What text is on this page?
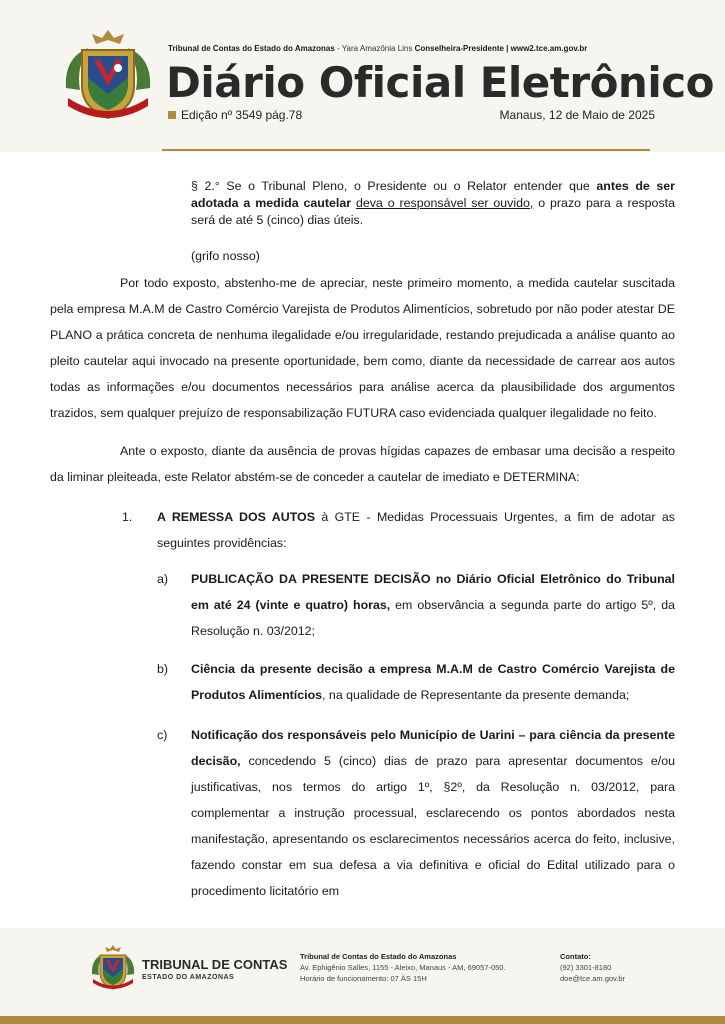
Tribunal de Contas do Estado do Amazonas - Yara Amazônia Lins Conselheira-Presidente | www2.tce.am.gov.br
Diário Oficial Eletrônico
Edição nº 3549 pág.78	Manaus, 12 de Maio de 2025
§ 2.° Se o Tribunal Pleno, o Presidente ou o Relator entender que antes de ser adotada a medida cautelar deva o responsável ser ouvido, o prazo para a resposta será de até 5 (cinco) dias úteis.
(grifo nosso)
Por todo exposto, abstenho-me de apreciar, neste primeiro momento, a medida cautelar suscitada pela empresa M.A.M de Castro Comércio Varejista de Produtos Alimentícios, sobretudo por não poder atestar DE PLANO a prática concreta de nenhuma ilegalidade e/ou irregularidade, restando prejudicada a análise quanto ao pleito cautelar aqui invocado na presente oportunidade, bem como, diante da necessidade de carrear aos autos todas as informações e/ou documentos necessários para análise acerca da plausibilidade dos argumentos trazidos, sem qualquer prejuízo de responsabilização FUTURA caso evidenciada qualquer ilegalidade no feito.
Ante o exposto, diante da ausência de provas hígidas capazes de embasar uma decisão a respeito da liminar pleiteada, este Relator abstém-se de conceder a cautelar de imediato e DETERMINA:
1. A REMESSA DOS AUTOS à GTE - Medidas Processuais Urgentes, a fim de adotar as seguintes providências:
a) PUBLICAÇÃO DA PRESENTE DECISÃO no Diário Oficial Eletrônico do Tribunal em até 24 (vinte e quatro) horas, em observância a segunda parte do artigo 5º, da Resolução n. 03/2012;
b) Ciência da presente decisão a empresa M.A.M de Castro Comércio Varejista de Produtos Alimentícios, na qualidade de Representante da presente demanda;
c) Notificação dos responsáveis pelo Município de Uarini – para ciência da presente decisão, concedendo 5 (cinco) dias de prazo para apresentar documentos e/ou justificativas, nos termos do artigo 1º, §2º, da Resolução n. 03/2012, para complementar a instrução processual, esclarecendo os pontos abordados nesta manifestação, apresentando os esclarecimentos necessários acerca do feito, inclusive, fazendo constar em sua defesa a via definitiva e oficial do Edital utilizado para o procedimento licitatório em
TRIBUNAL DE CONTAS
ESTADO DO AMAZONAS
Tribunal de Contas do Estado do Amazonas
Av. Ephigênio Salles, 1155 - Aleixo, Manaus - AM, 69057-050.
Horário de funcionamento: 07 ÀS 15H
Contato:
(92) 3301-8180
doe@tce.am.gov.br
